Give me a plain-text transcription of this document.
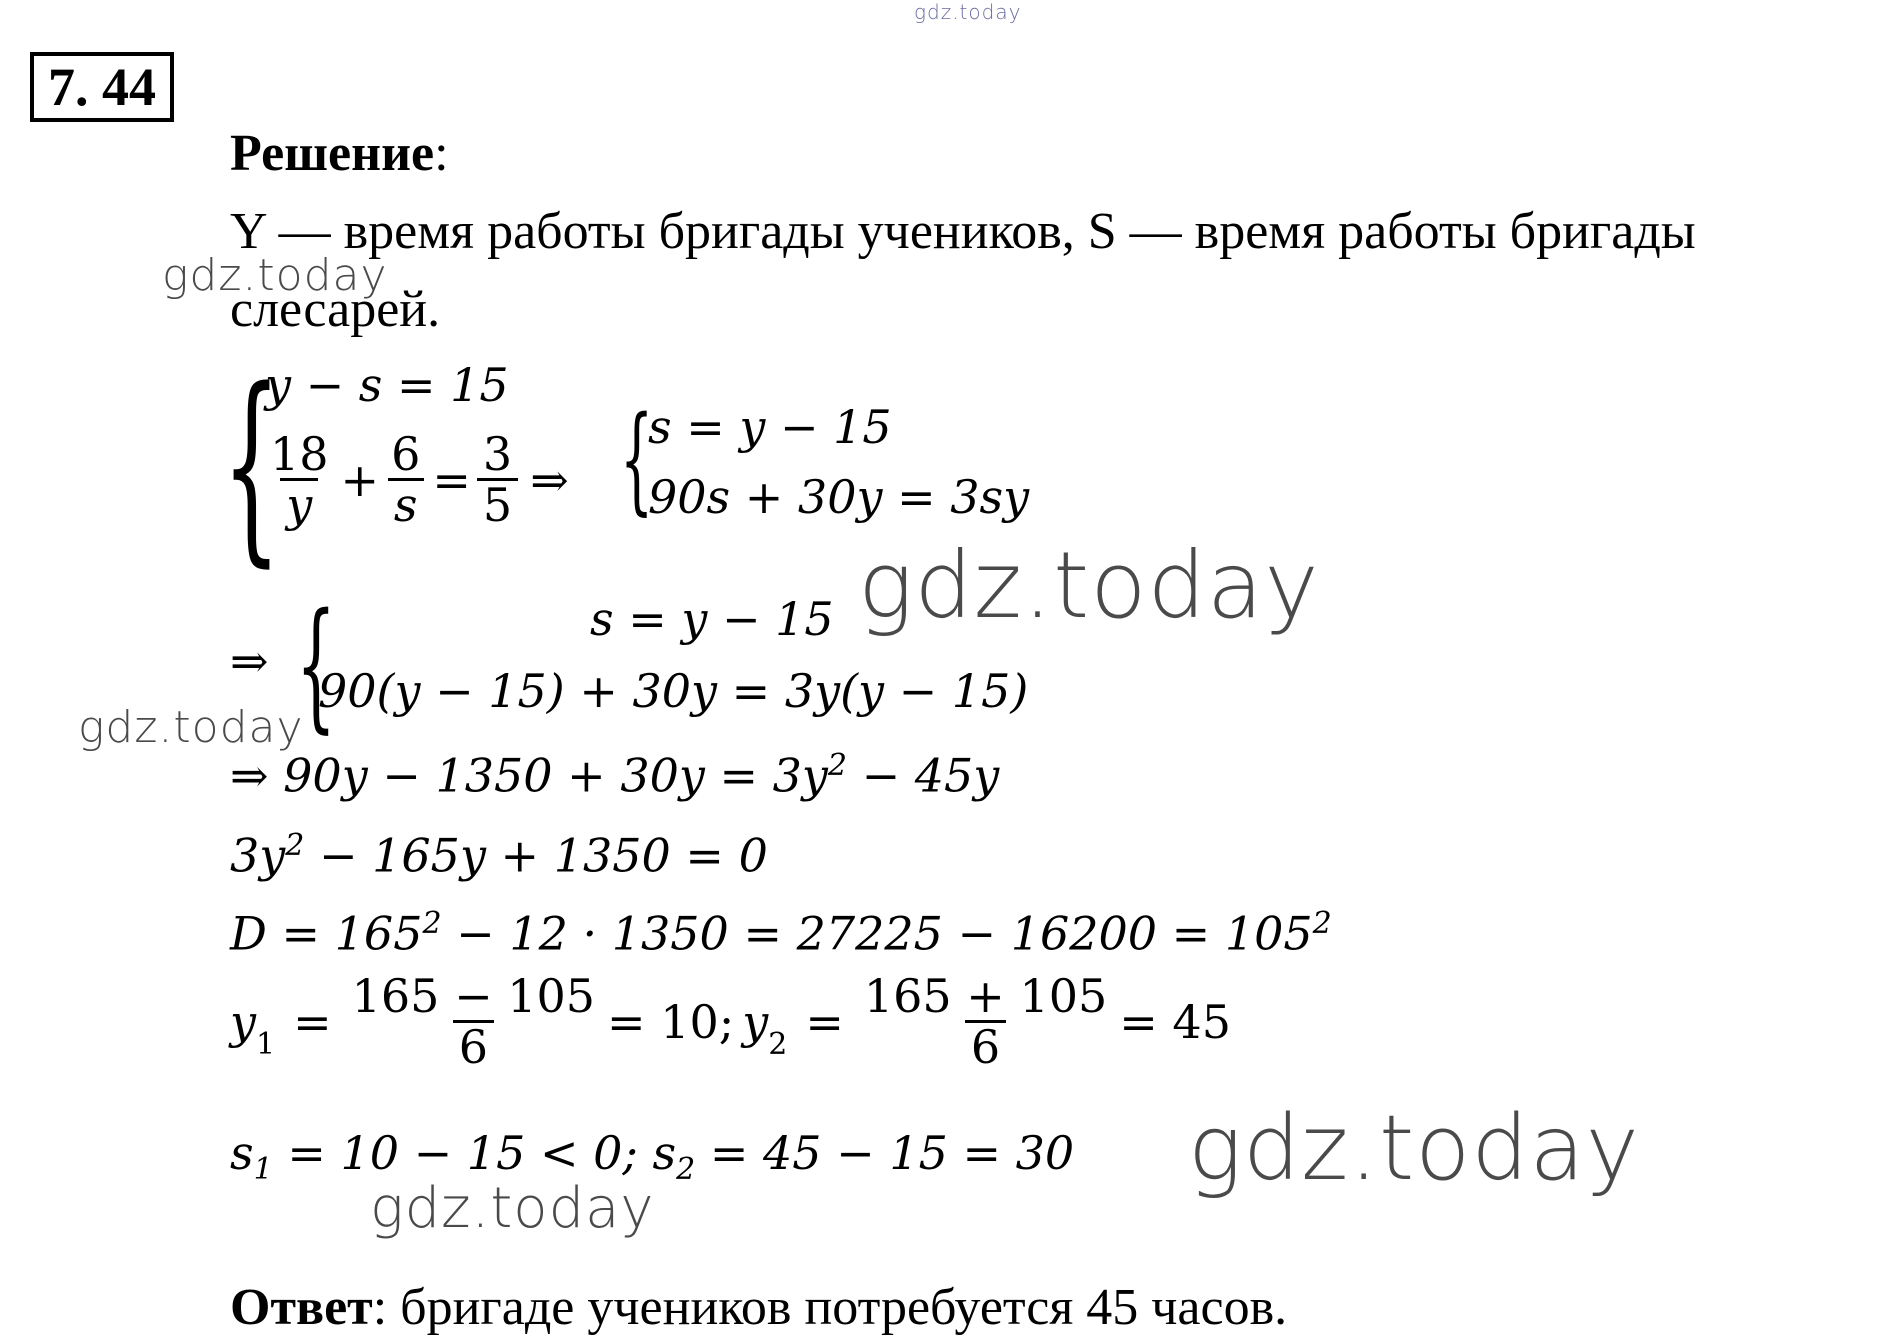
gdz.today
7. 44
Решение:
Y — время работы бригады учеников, S — время работы бригады
слесарей.
{
y − s = 15
$\frac{18}{y} + \frac{6}{s} = \frac{3}{5}$ ⇒ {
s = y − 15
90s + 30y = 3sy
⇒ {	s = y − 15
90(y − 15) + 30y = 3y(y − 15)
⇒ $90y - 1350 + 30y = 3y^2 - 45y$
$3y^2 - 165y + 1350 = 0$
$D = 165^2 - 12 \cdot 1350 = 27225 - 16200 = 105^2$
$y_1 = \frac{165 - 105}{6} = 10$; $y_2 = \frac{165 + 105}{6} = 45$
$s_1 = 10 - 15 < 0$; $s_2 = 45 - 15 = 30$
Ответ: бригаде учеников потребуется 45 часов.
gdz.today
gdz.today
gdz.today
gdz.today
gdz.today
